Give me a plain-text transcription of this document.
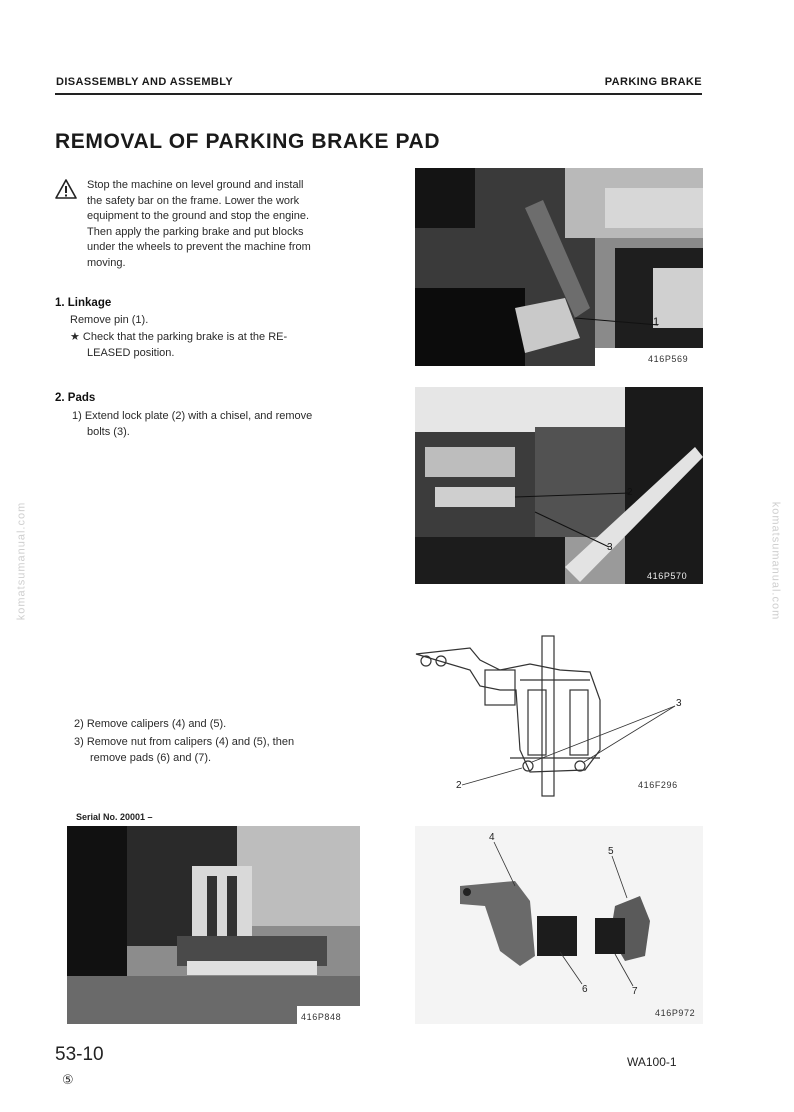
DISASSEMBLY AND ASSEMBLY	PARKING BRAKE
REMOVAL OF PARKING BRAKE PAD
Stop the machine on level ground and install
the safety bar on the frame. Lower the work
equipment to the ground and stop the engine.
Then apply the parking brake and put blocks
under the wheels to prevent the machine from
moving.
1. Linkage
Remove pin (1).
★ Check that the parking brake is at the RE-
LEASED position.
2. Pads
1) Extend lock plate (2) with a chisel, and remove
bolts (3).
2) Remove calipers (4) and (5).
3) Remove nut from calipers (4) and (5), then
remove pads (6) and (7).
1
416P569
2
3
416P570
3
2	416F296
Serial No. 20001 –
416P848
4
5
6	7
416P972
komatsumanual.com	komatsumanual.com
53-10
⑤
WA100-1
